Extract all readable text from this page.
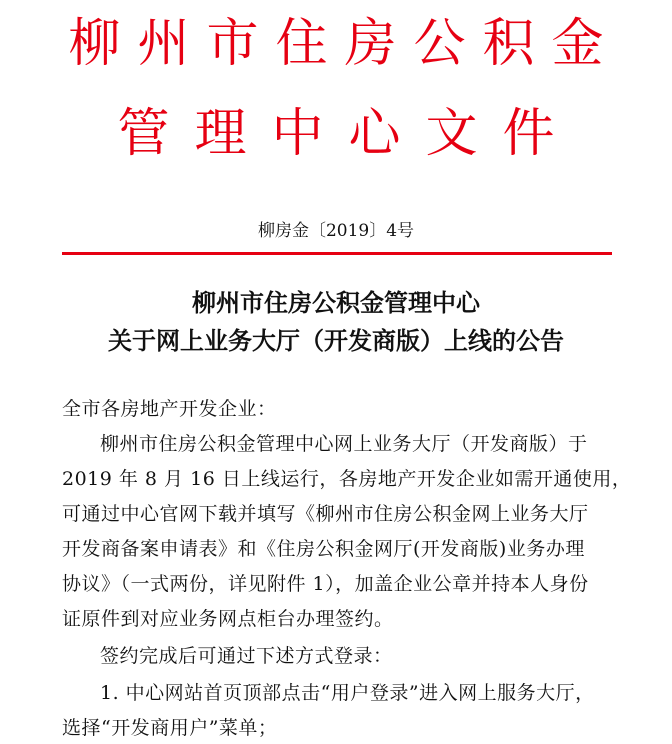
柳州市住房公积金
管理中心文件
柳房金〔2019〕4号
柳州市住房公积金管理中心
关于网上业务大厅（开发商版）上线的公告
全市各房地产开发企业：
柳州市住房公积金管理中心网上业务大厅（开发商版）于
2019 年 8 月 16 日上线运行，各房地产开发企业如需开通使用，
可通过中心官网下载并填写《柳州市住房公积金网上业务大厅
开发商备案申请表》和《住房公积金网厅(开发商版)业务办理
协议》（一式两份，详见附件 1），加盖企业公章并持本人身份
证原件到对应业务网点柜台办理签约。
签约完成后可通过下述方式登录：
1. 中心网站首页顶部点击“用户登录”进入网上服务大厅，
选择“开发商用户”菜单；
